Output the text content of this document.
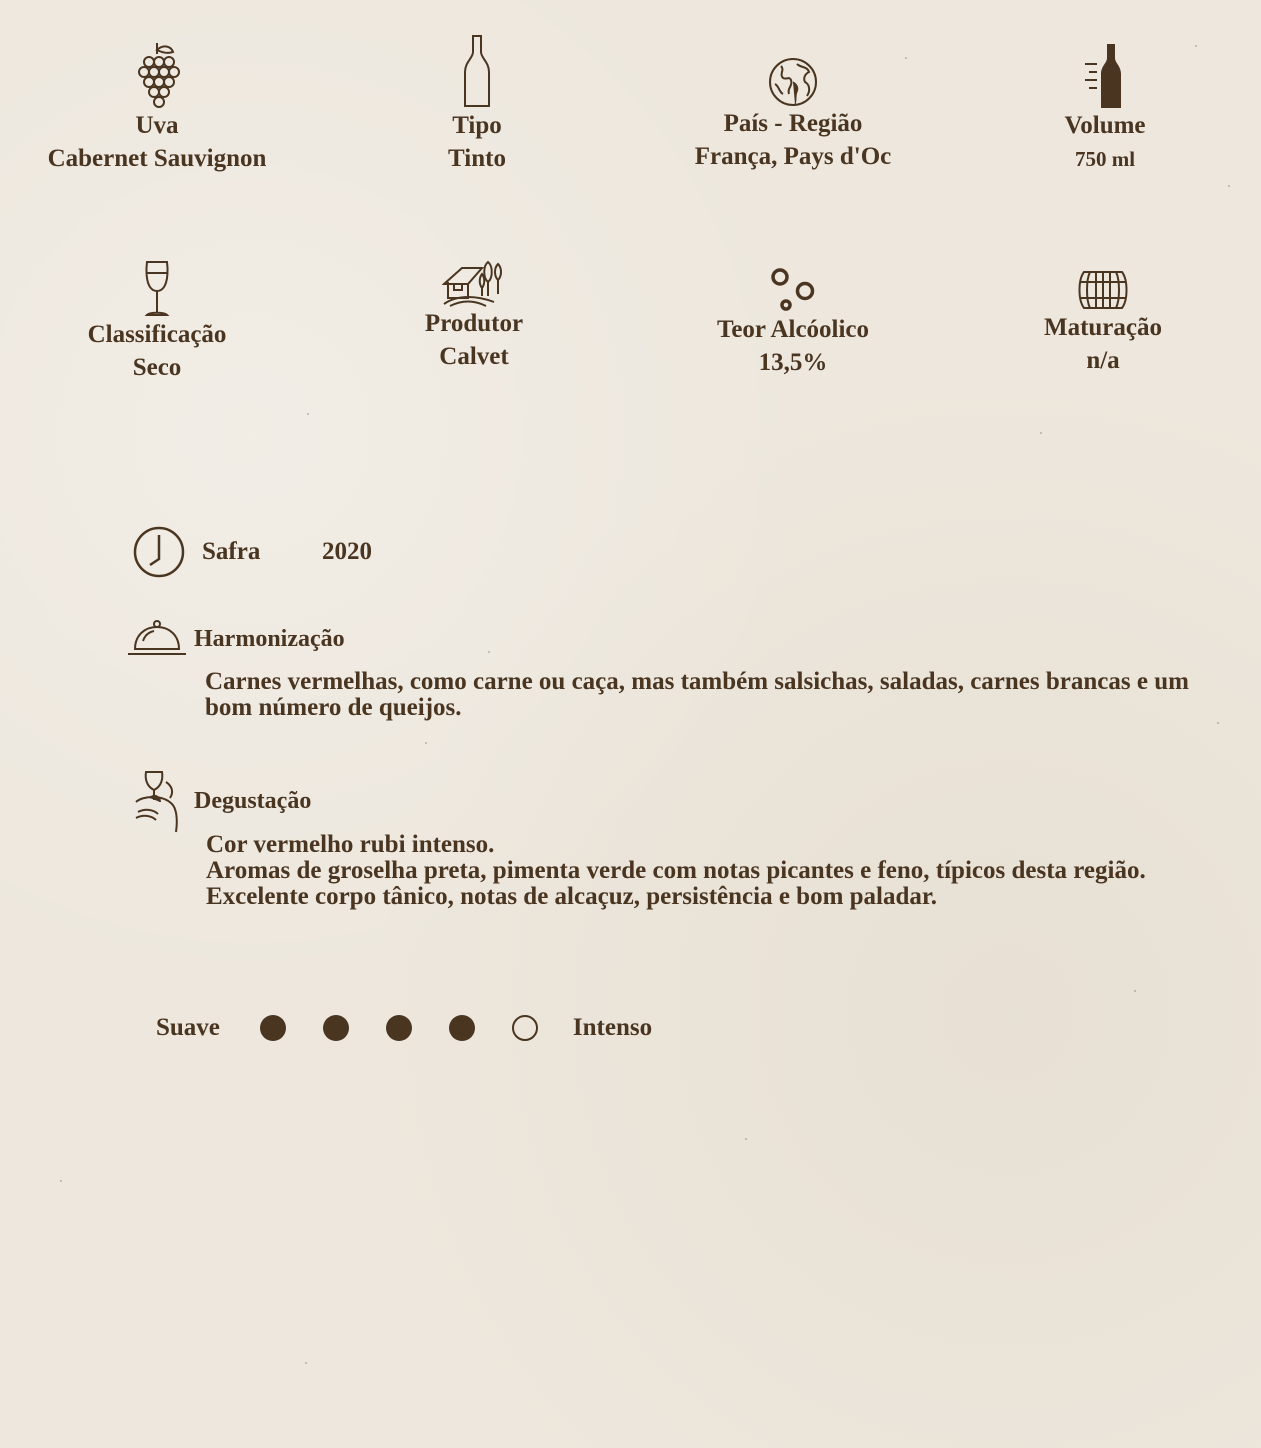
Uva
Cabernet Sauvignon
Tipo
Tinto
País - Região
França, Pays d'Oc
Volume
750 ml
Classificação
Seco
Produtor
Calvet
Teor Alcóolico
13,5%
Maturação
n/a
Safra	2020
Harmonização
Carnes vermelhas, como carne ou caça, mas também salsichas, saladas, carnes brancas e um bom número de queijos.
Degustação
Cor vermelho rubi intenso.
Aromas de groselha preta, pimenta verde com notas picantes e feno, típicos desta região.
Excelente corpo tânico, notas de alcaçuz, persistência e bom paladar.
Suave	Intenso
